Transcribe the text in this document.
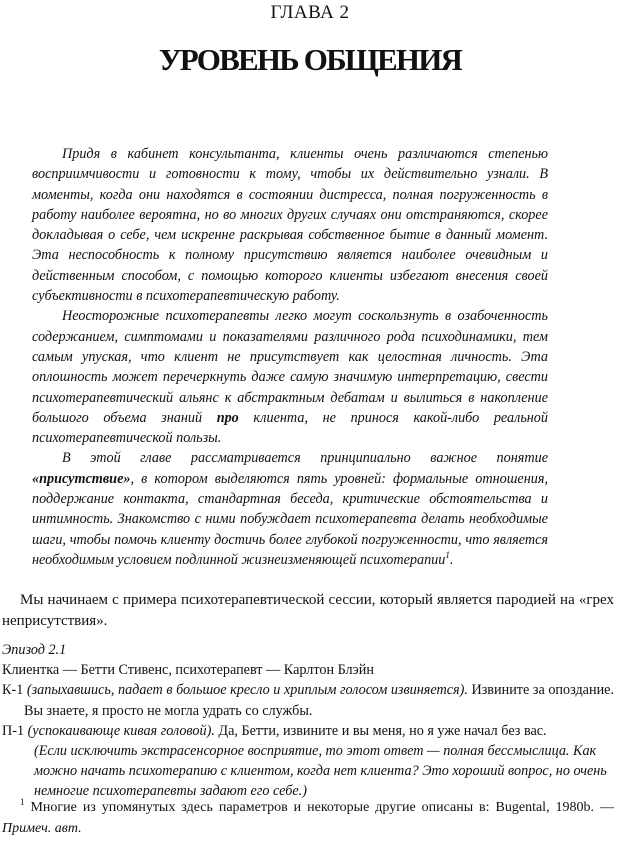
ГЛАВА 2
УРОВЕНЬ ОБЩЕНИЯ

Придя в кабинет консультанта, клиенты очень различаются степенью восприимчивости и готовности к тому, чтобы их действительно узнали. В моменты, когда они находятся в состоянии дистресса, полная погруженность в работу наиболее вероятна, но во многих других случаях они отстраняются, скорее докладывая о себе, чем искренне раскрывая собственное бытие в данный момент. Эта неспособность к полному присутствию является наиболее очевидным и действенным способом, с помощью которого клиенты избегают внесения своей субъективности в психотерапевтическую работу.

Неосторожные психотерапевты легко могут соскользнуть в озабоченность содержанием, симптомами и показателями различного рода психодинамики, тем самым упуская, что клиент не присутствует как целостная личность. Эта оплошность может перечеркнуть даже самую значимую интерпретацию, свести психотерапевтический альянс к абстрактным дебатам и вылиться в накопление большого объема знаний про клиента, не принося какой-либо реальной психотерапевтической пользы.

В этой главе рассматривается принципиально важное понятие «присутствие», в котором выделяются пять уровней: формальные отношения, поддержание контакта, стандартная беседа, критические обстоятельства и интимность. Знакомство с ними побуждает психотерапевта делать необходимые шаги, чтобы помочь клиенту достичь более глубокой погруженности, что является необходимым условием подлинной жизнеизменяющей психотерапии$^1$.

Мы начинаем с примера психотерапевтической сессии, который является пародией на «грех неприсутствия».

Эпизод 2.1

Клиентка — Бетти Стивенс, психотерапевт — Карлтон Блэйн

К-1 (запыхавшись, падает в большое кресло и хриплым голосом извиняется). Извините за опоздание. Вы знаете, я просто не могла удрать со службы.

П-1 (успокаивающе кивая головой). Да, Бетти, извините и вы меня, но я уже начал без вас.

(Если исключить экстрасенсорное восприятие, то этот ответ — полная бессмыслица. Как можно начать психотерапию с клиентом, когда нет клиента? Это хороший вопрос, но очень немногие психотерапевты задают его себе.)

$^1$ Многие из упомянутых здесь параметров и некоторые другие описаны в: Bugental, 1980b. — Примеч. авт.
